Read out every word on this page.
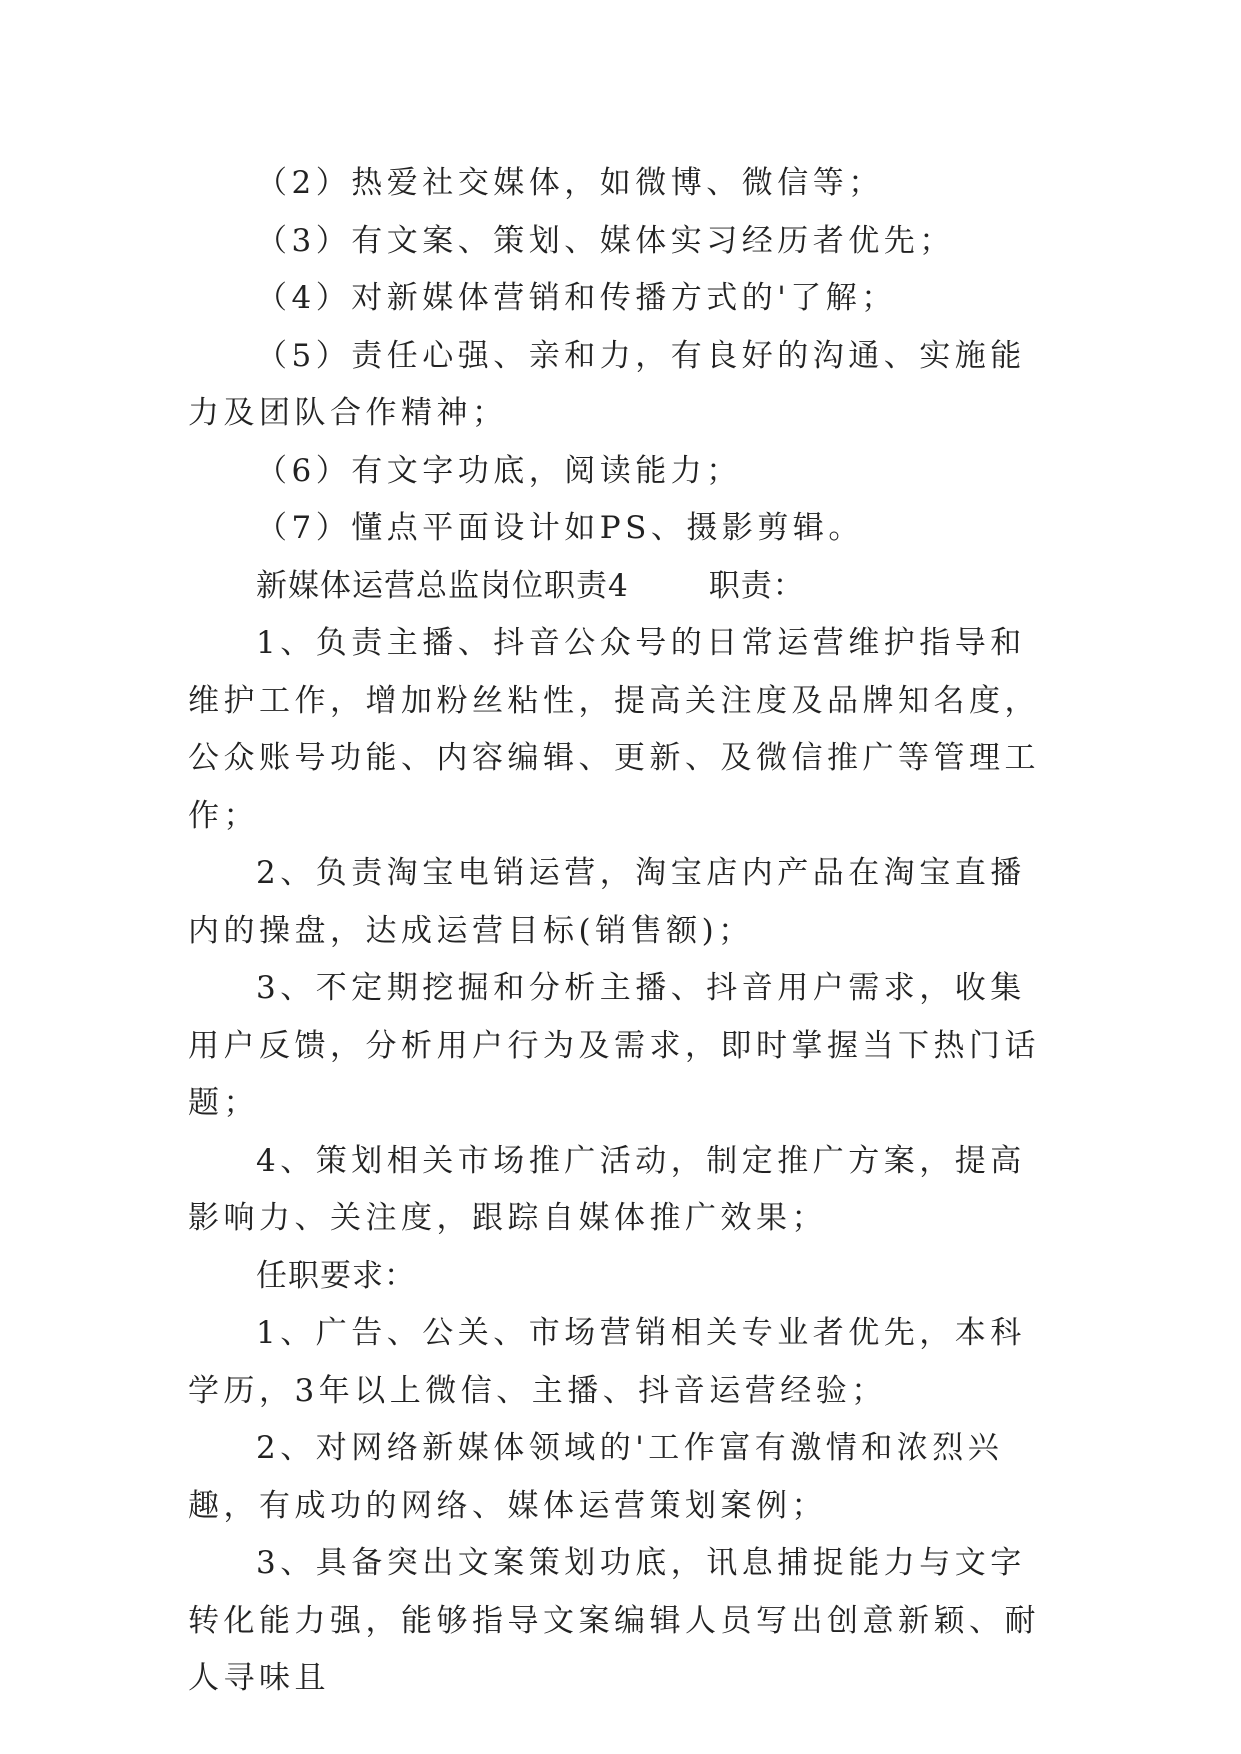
（2）热爱社交媒体，如微博、微信等；

（3）有文案、策划、媒体实习经历者优先；

（4）对新媒体营销和传播方式的'了解；

（5）责任心强、亲和力，有良好的沟通、实施能力及团队合作精神；

（6）有文字功底，阅读能力；

（7）懂点平面设计如PS、摄影剪辑。

新媒体运营总监岗位职责4	职责：

1、负责主播、抖音公众号的日常运营维护指导和维护工作，增加粉丝粘性，提高关注度及品牌知名度，公众账号功能、内容编辑、更新、及微信推广等管理工作；

2、负责淘宝电销运营，淘宝店内产品在淘宝直播内的操盘，达成运营目标(销售额)；

3、不定期挖掘和分析主播、抖音用户需求，收集用户反馈，分析用户行为及需求，即时掌握当下热门话题；

4、策划相关市场推广活动，制定推广方案，提高影响力、关注度，跟踪自媒体推广效果；

任职要求：

1、广告、公关、市场营销相关专业者优先，本科学历，3年以上微信、主播、抖音运营经验；

2、对网络新媒体领域的'工作富有激情和浓烈兴趣，有成功的网络、媒体运营策划案例；

3、具备突出文案策划功底，讯息捕捉能力与文字转化能力强，能够指导文案编辑人员写出创意新颖、耐人寻味且
